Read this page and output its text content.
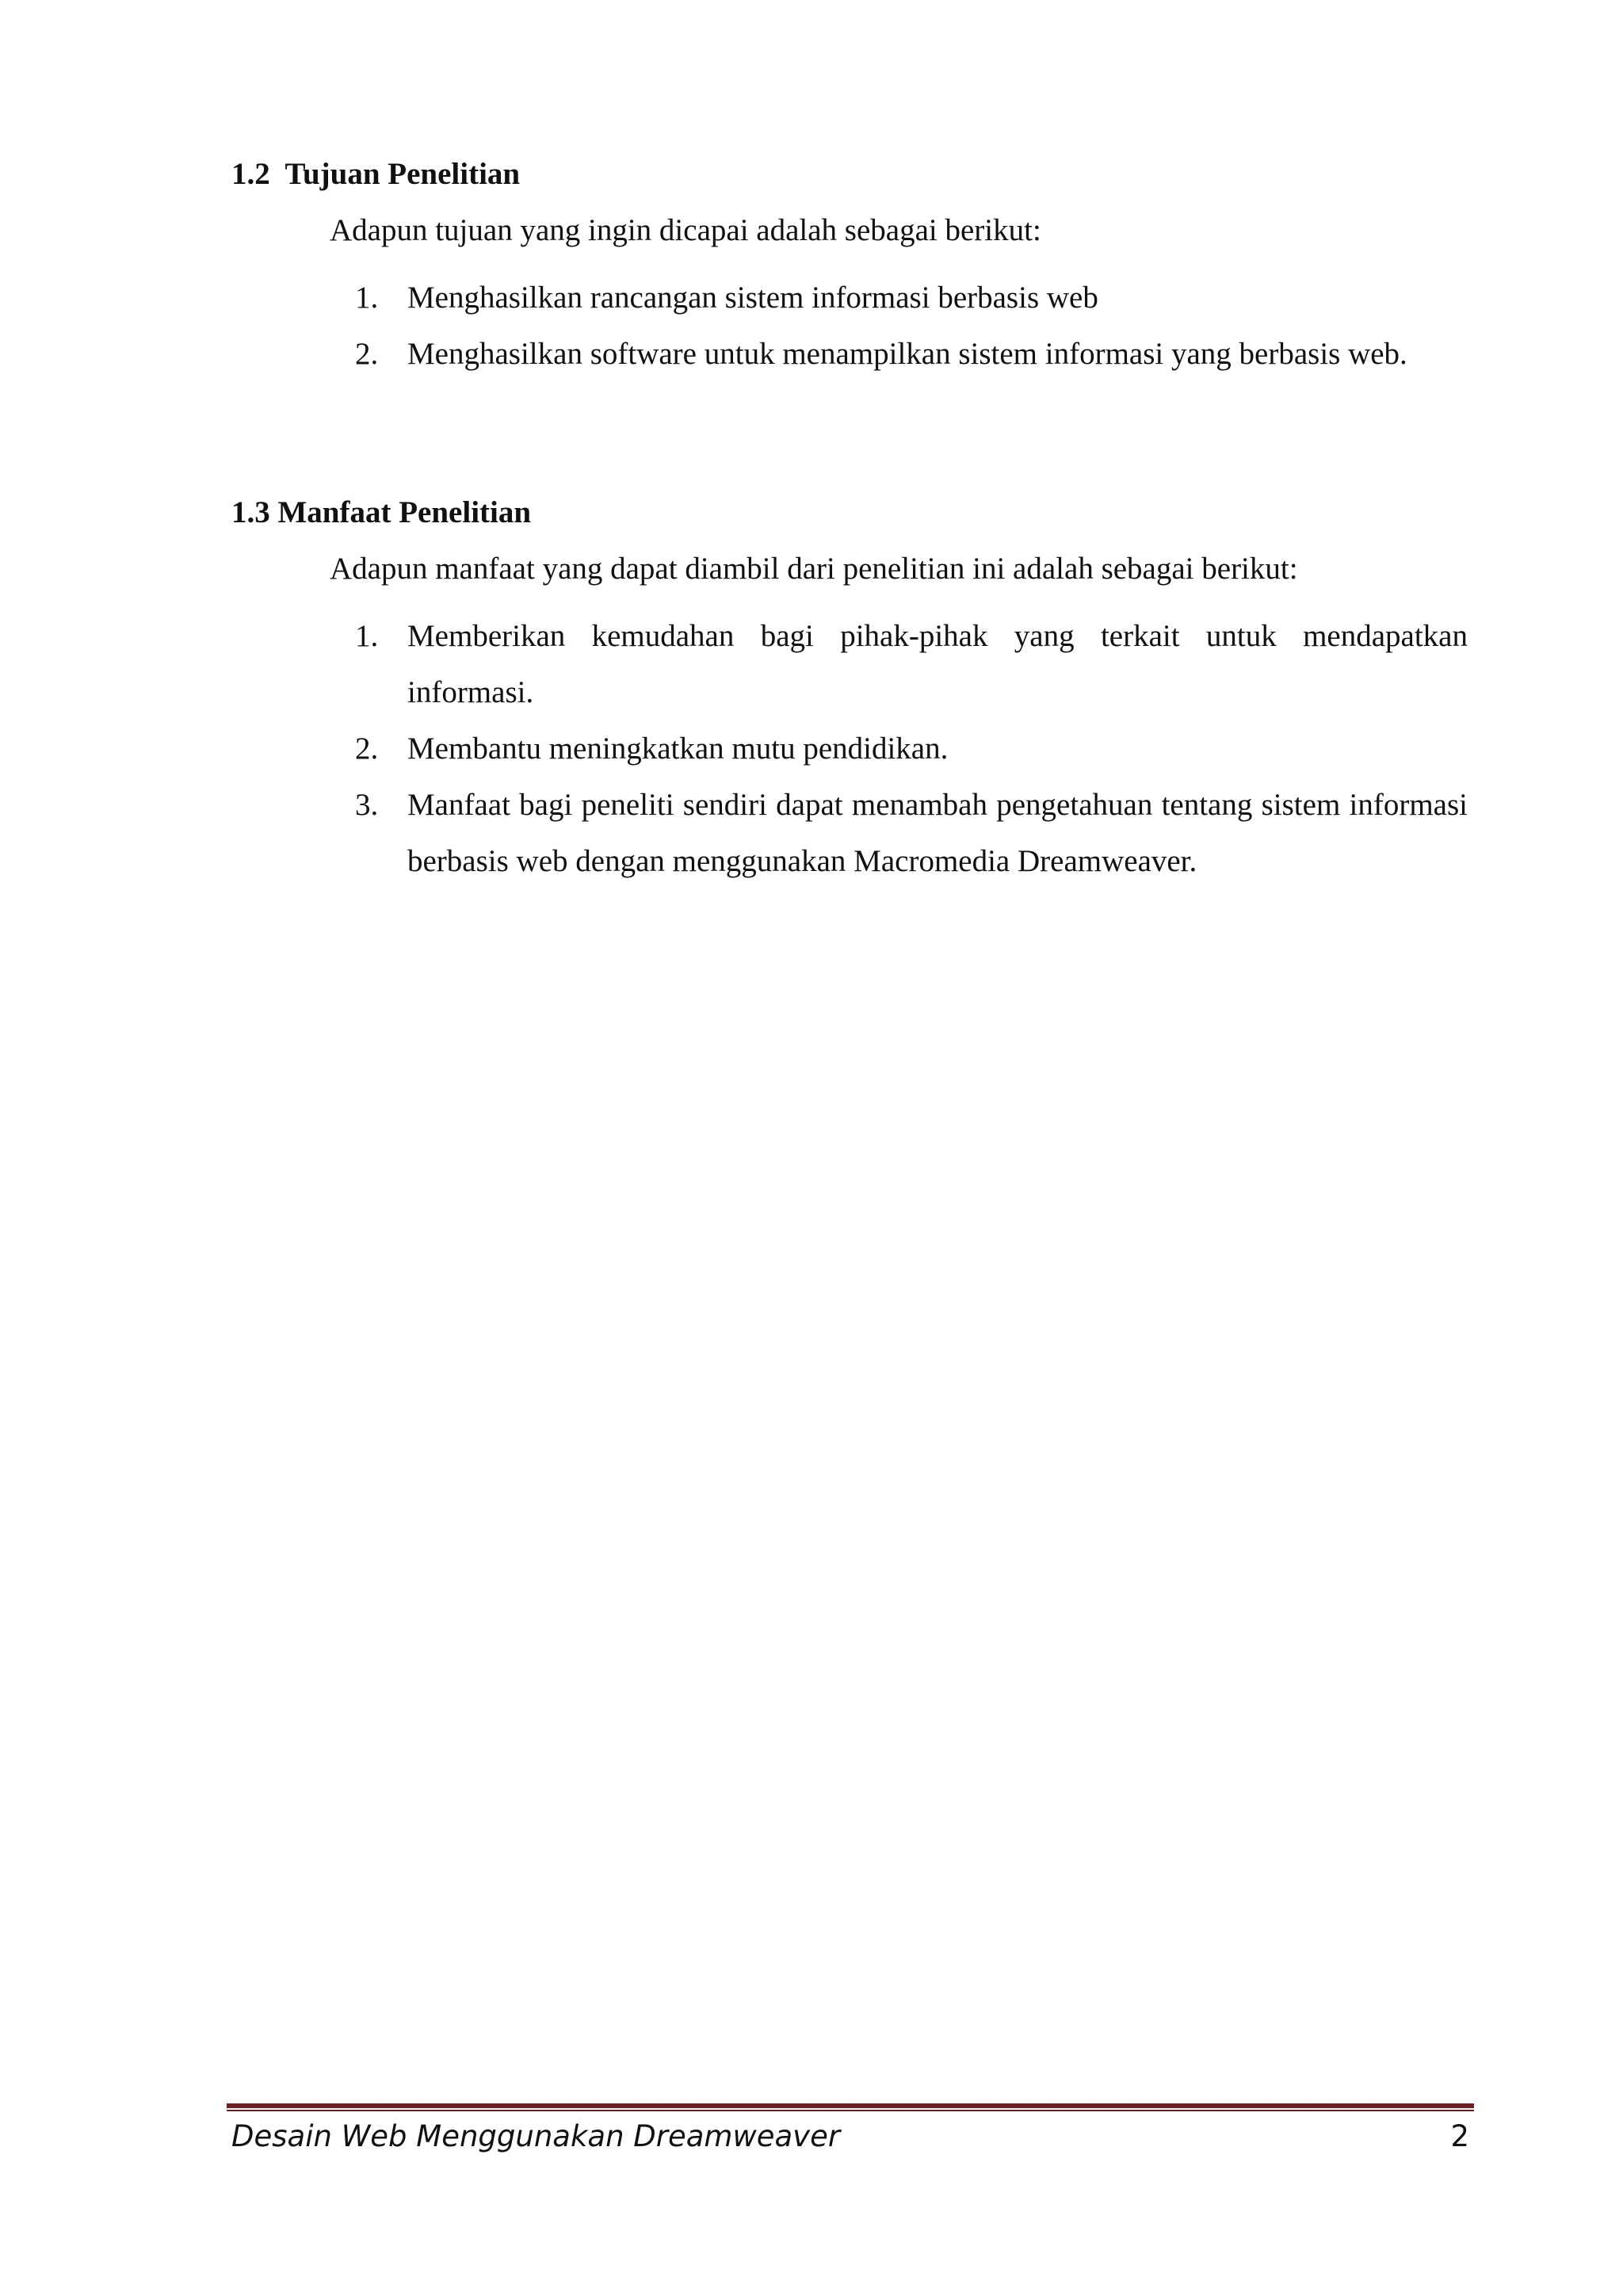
1.2  Tujuan Penelitian

Adapun tujuan yang ingin dicapai adalah sebagai berikut:

1. Menghasilkan rancangan sistem informasi berbasis web
2. Menghasilkan software untuk menampilkan sistem informasi yang berbasis web.
1.3 Manfaat Penelitian

Adapun manfaat yang dapat diambil dari penelitian ini adalah sebagai berikut:

1. Memberikan kemudahan bagi pihak-pihak yang terkait untuk mendapatkan informasi.
2. Membantu meningkatkan mutu pendidikan.
3. Manfaat bagi peneliti sendiri dapat menambah pengetahuan tentang sistem informasi berbasis web dengan menggunakan Macromedia Dreamweaver.
Desain Web Menggunakan Dreamweaver	2
